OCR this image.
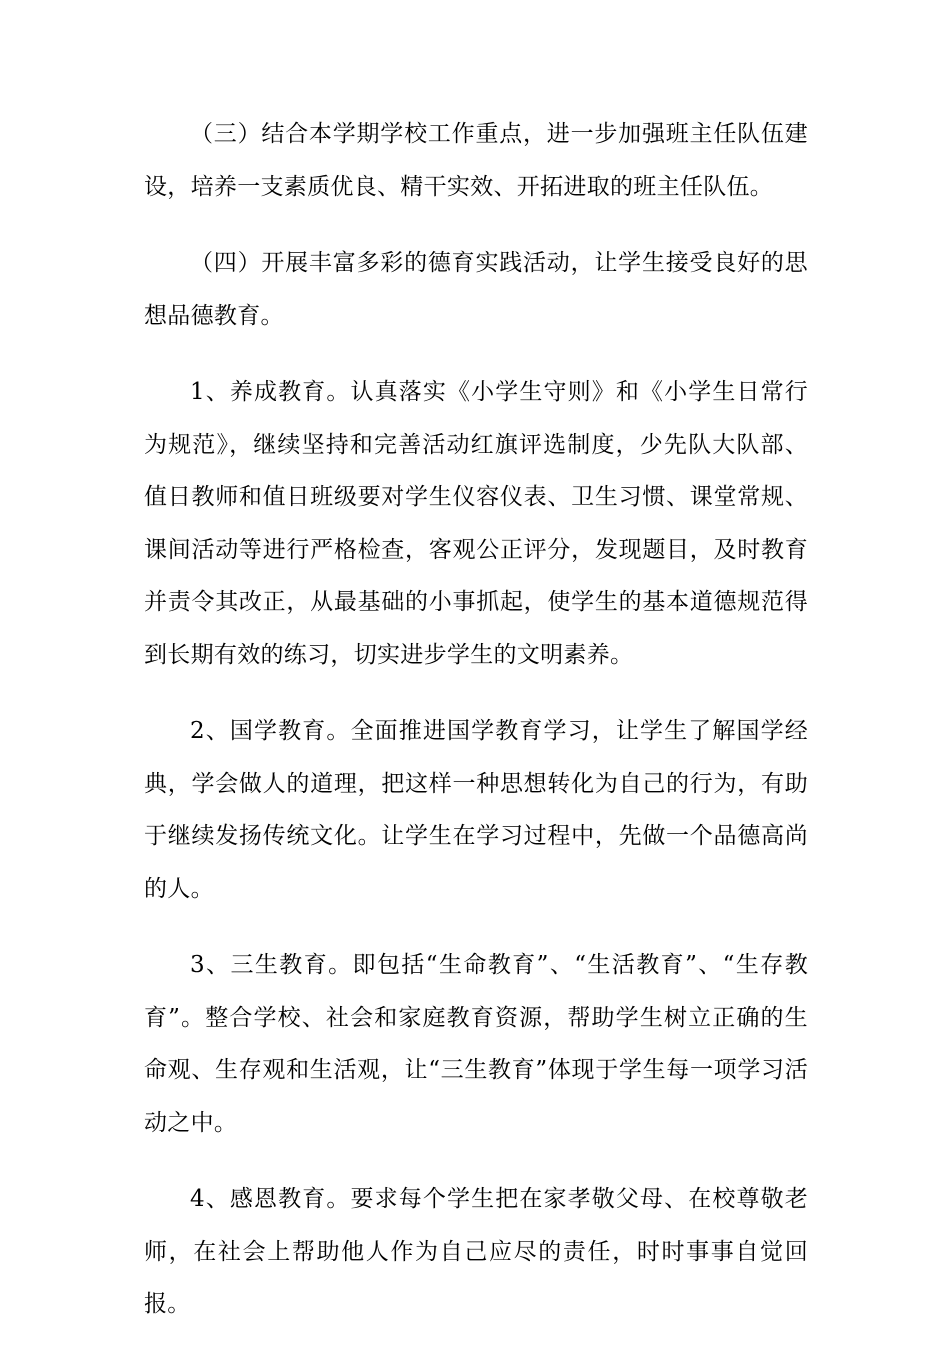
（三）结合本学期学校工作重点，进一步加强班主任队伍建设，培养一支素质优良、精干实效、开拓进取的班主任队伍。

（四）开展丰富多彩的德育实践活动，让学生接受良好的思想品德教育。

1、养成教育。认真落实《小学生守则》和《小学生日常行为规范》，继续坚持和完善活动红旗评选制度，少先队大队部、值日教师和值日班级要对学生仪容仪表、卫生习惯、课堂常规、课间活动等进行严格检查，客观公正评分，发现题目，及时教育并责令其改正，从最基础的小事抓起，使学生的基本道德规范得到长期有效的练习，切实进步学生的文明素养。

2、国学教育。全面推进国学教育学习，让学生了解国学经典，学会做人的道理，把这样一种思想转化为自己的行为，有助于继续发扬传统文化。让学生在学习过程中，先做一个品德高尚的人。

3、三生教育。即包括“生命教育”、“生活教育”、“生存教育”。整合学校、社会和家庭教育资源，帮助学生树立正确的生命观、生存观和生活观，让“三生教育”体现于学生每一项学习活动之中。

4、感恩教育。要求每个学生把在家孝敬父母、在校尊敬老师，在社会上帮助他人作为自己应尽的责任，时时事事自觉回报。
